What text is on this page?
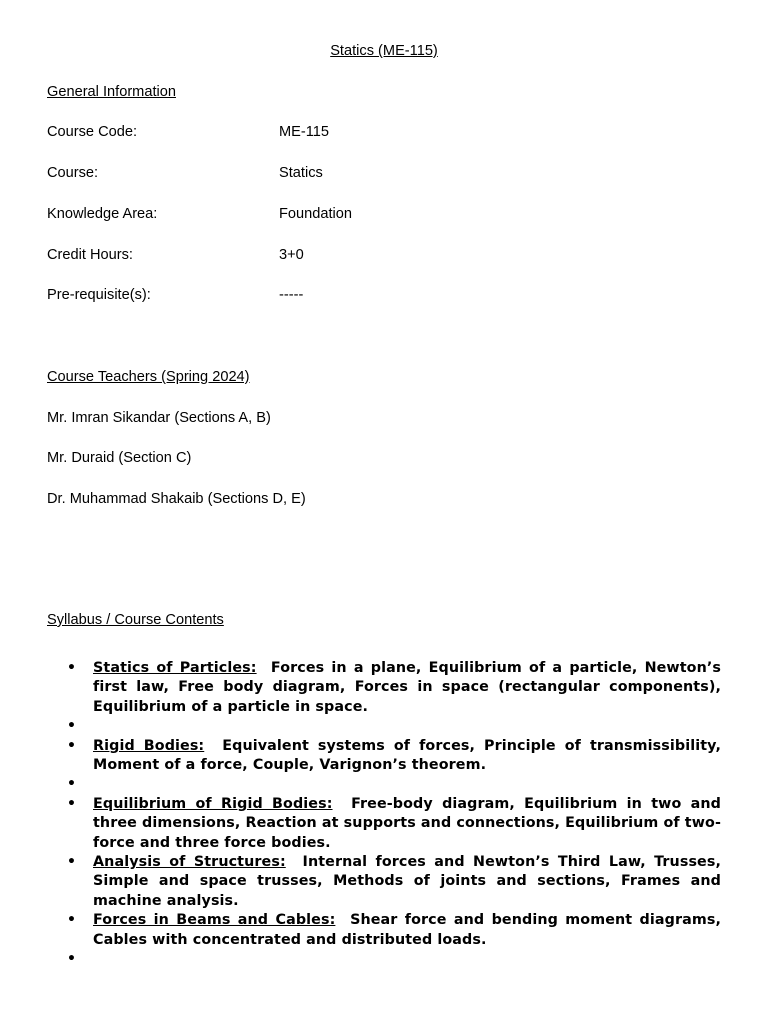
Statics (ME-115)
General Information
Course Code:	ME-115
Course:	Statics
Knowledge Area:	Foundation
Credit Hours:	3+0
Pre-requisite(s):	-----
Course Teachers (Spring 2024)
Mr. Imran Sikandar (Sections A, B)
Mr. Duraid (Section C)
Dr. Muhammad Shakaib (Sections D, E)
Syllabus / Course Contents
• Statics of Particles: Forces in a plane, Equilibrium of a particle, Newton’s first law, Free body diagram, Forces in space (rectangular components), Equilibrium of a particle in space.
•
• Rigid Bodies: Equivalent systems of forces, Principle of transmissibility, Moment of a force, Couple, Varignon’s theorem.
•
• Equilibrium of Rigid Bodies: Free-body diagram, Equilibrium in two and three dimensions, Reaction at supports and connections, Equilibrium of two-force and three force bodies.
• Analysis of Structures: Internal forces and Newton’s Third Law, Trusses, Simple and space trusses, Methods of joints and sections, Frames and machine analysis.
• Forces in Beams and Cables: Shear force and bending moment diagrams, Cables with concentrated and distributed loads.
•
